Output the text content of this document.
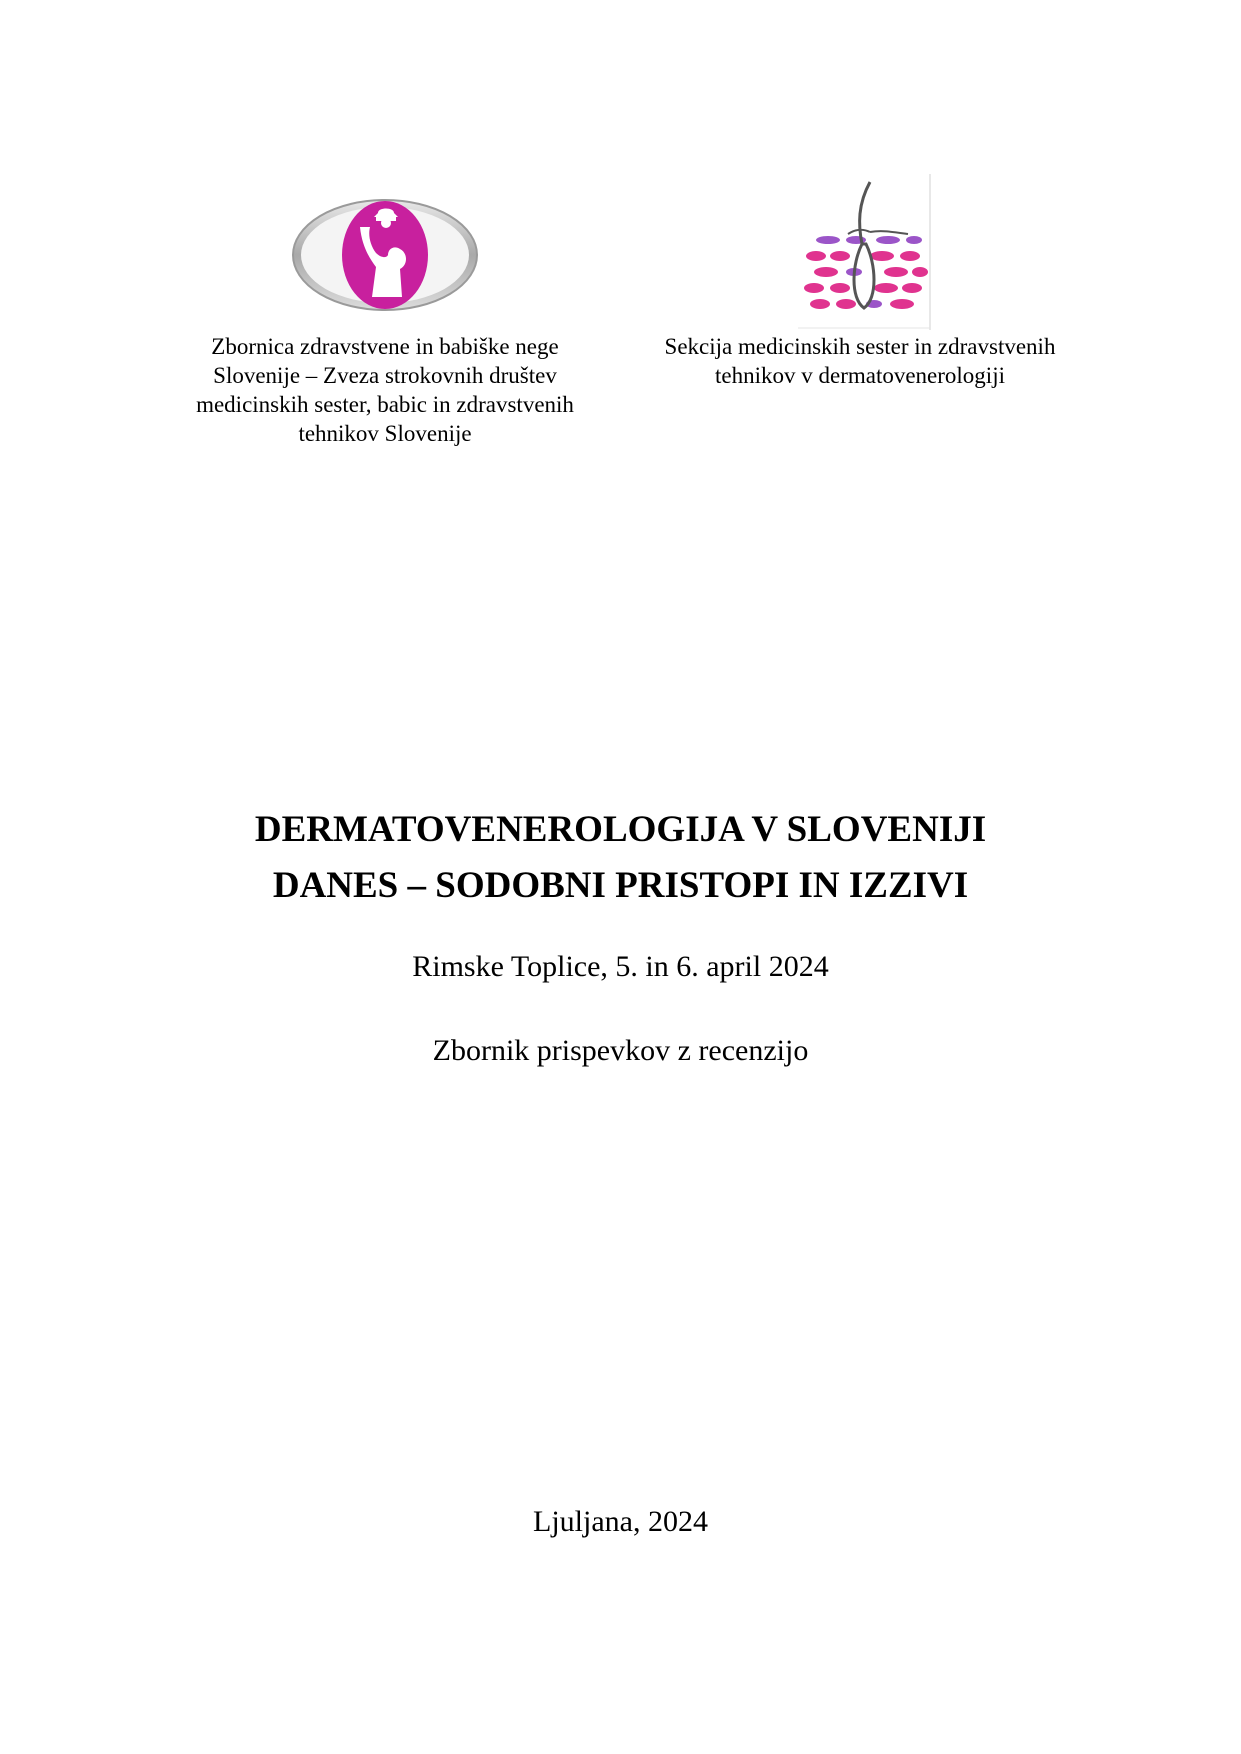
Zbornica zdravstvene in babiške nege
Slovenije – Zveza strokovnih društev
medicinskih sester, babic in zdravstvenih
tehnikov Slovenije
Sekcija medicinskih sester in zdravstvenih
tehnikov v dermatovenerologiji
DERMATOVENEROLOGIJA V SLOVENIJI
DANES – SODOBNI PRISTOPI IN IZZIVI
Rimske Toplice, 5. in 6. april 2024
Zbornik prispevkov z recenzijo
Ljuljana, 2024
